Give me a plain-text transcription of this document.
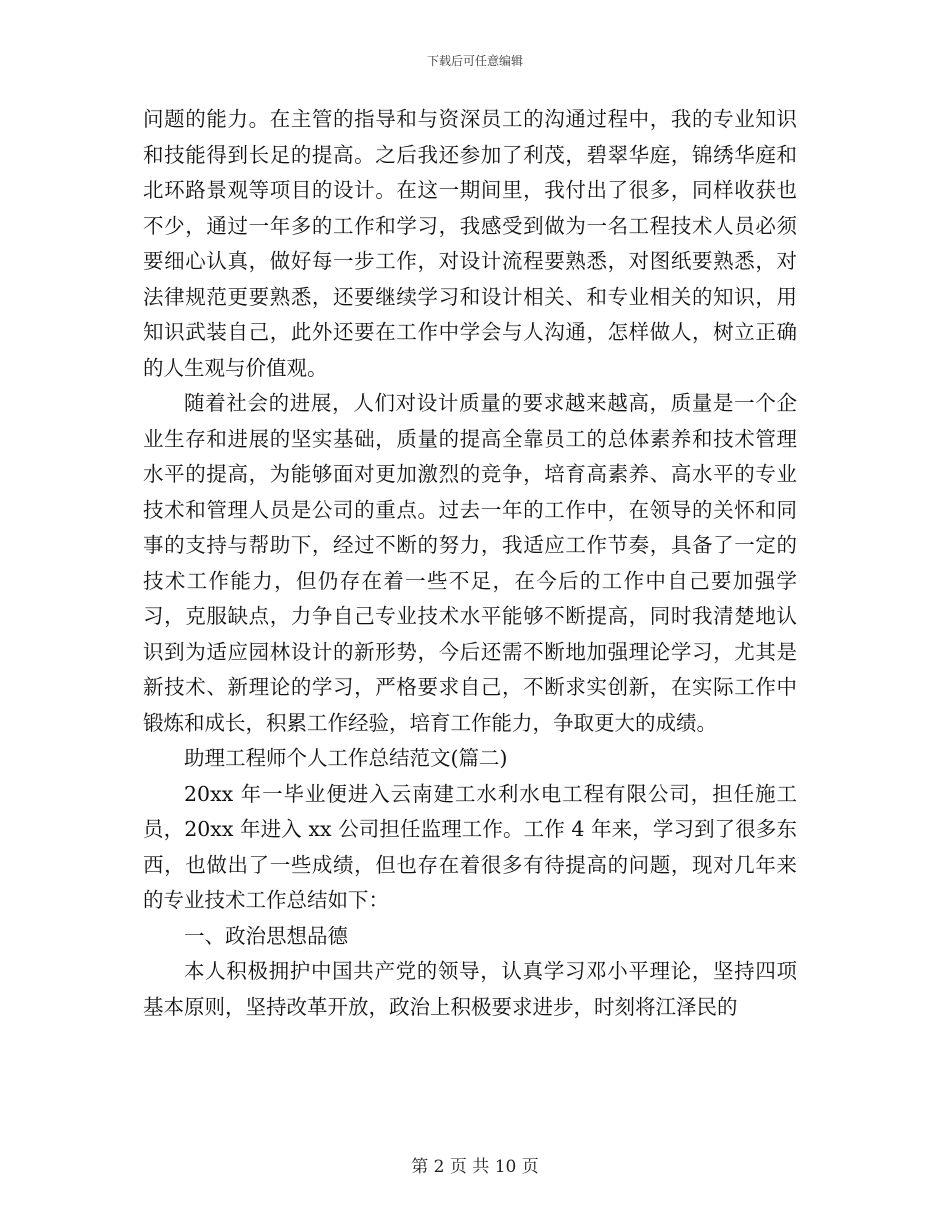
下载后可任意编辑

问题的能力。在主管的指导和与资深员工的沟通过程中，我的专业知识和技能得到长足的提高。之后我还参加了利茂，碧翠华庭，锦绣华庭和北环路景观等项目的设计。在这一期间里，我付出了很多，同样收获也不少，通过一年多的工作和学习，我感受到做为一名工程技术人员必须要细心认真，做好每一步工作，对设计流程要熟悉，对图纸要熟悉，对法律规范更要熟悉，还要继续学习和设计相关、和专业相关的知识，用知识武装自己，此外还要在工作中学会与人沟通，怎样做人，树立正确的人生观与价值观。

随着社会的进展，人们对设计质量的要求越来越高，质量是一个企业生存和进展的坚实基础，质量的提高全靠员工的总体素养和技术管理水平的提高，为能够面对更加激烈的竞争，培育高素养、高水平的专业技术和管理人员是公司的重点。过去一年的工作中，在领导的关怀和同事的支持与帮助下，经过不断的努力，我适应工作节奏，具备了一定的技术工作能力，但仍存在着一些不足，在今后的工作中自己要加强学习，克服缺点，力争自己专业技术水平能够不断提高，同时我清楚地认识到为适应园林设计的新形势，今后还需不断地加强理论学习，尤其是新技术、新理论的学习，严格要求自己，不断求实创新，在实际工作中锻炼和成长，积累工作经验，培育工作能力，争取更大的成绩。

助理工程师个人工作总结范文(篇二)

20xx 年一毕业便进入云南建工水利水电工程有限公司，担任施工员，20xx 年进入 xx 公司担任监理工作。工作 4 年来，学习到了很多东西，也做出了一些成绩，但也存在着很多有待提高的问题，现对几年来的专业技术工作总结如下：

一、政治思想品德

本人积极拥护中国共产党的领导，认真学习邓小平理论，坚持四项基本原则，坚持改革开放，政治上积极要求进步，时刻将江泽民的

第 2 页 共 10 页
